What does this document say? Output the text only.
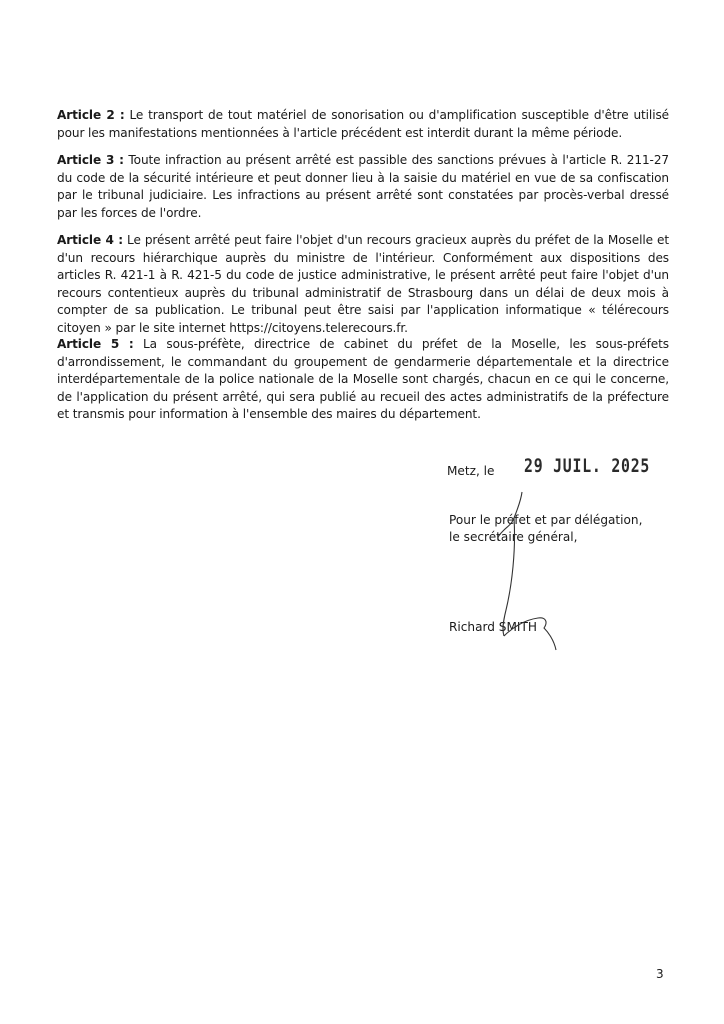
Article 2 : Le transport de tout matériel de sonorisation ou d'amplification susceptible d'être utilisé pour les manifestations mentionnées à l'article précédent est interdit durant la même période.
Article 3 : Toute infraction au présent arrêté est passible des sanctions prévues à l'article R. 211-27 du code de la sécurité intérieure et peut donner lieu à la saisie du matériel en vue de sa confiscation par le tribunal judiciaire. Les infractions au présent arrêté sont constatées par procès-verbal dressé par les forces de l'ordre.
Article 4 : Le présent arrêté peut faire l'objet d'un recours gracieux auprès du préfet de la Moselle et d'un recours hiérarchique auprès du ministre de l'intérieur. Conformément aux dispositions des articles R. 421-1 à R. 421-5 du code de justice administrative, le présent arrêté peut faire l'objet d'un recours contentieux auprès du tribunal administratif de Strasbourg dans un délai de deux mois à compter de sa publication. Le tribunal peut être saisi par l'application informatique « télérecours citoyen » par le site internet https://citoyens.telerecours.fr.
Article 5 : La sous-préfète, directrice de cabinet du préfet de la Moselle, les sous-préfets d'arrondissement, le commandant du groupement de gendarmerie départementale et la directrice interdépartementale de la police nationale de la Moselle sont chargés, chacun en ce qui le concerne, de l'application du présent arrêté, qui sera publié au recueil des actes administratifs de la préfecture et transmis pour information à l'ensemble des maires du département.
Metz, le 29 JUIL. 2025
Pour le préfet et par délégation,
le secrétaire général,
Richard SMITH
3
